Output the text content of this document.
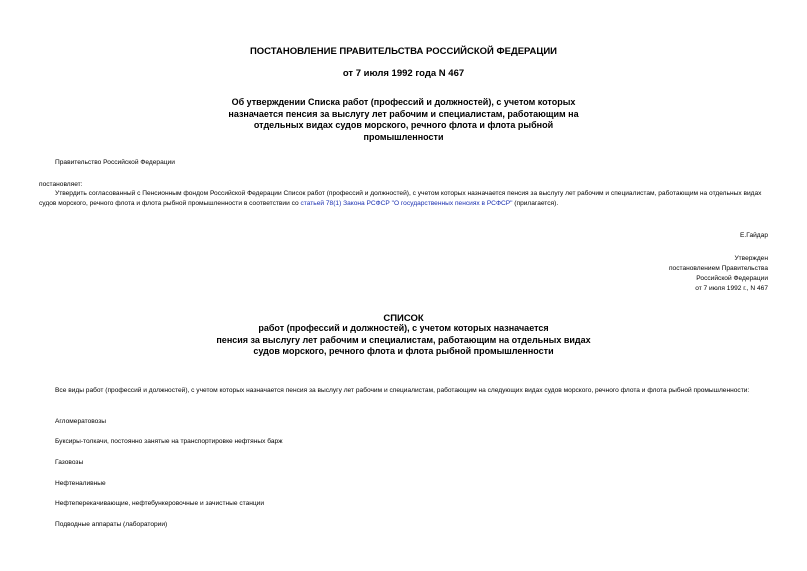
ПОСТАНОВЛЕНИЕ ПРАВИТЕЛЬСТВА РОССИЙСКОЙ ФЕДЕРАЦИИ
от 7 июля 1992 года N 467
Об утверждении Списка работ (профессий и должностей), с учетом которых
назначается пенсия за выслугу лет рабочим и специалистам, работающим на
отдельных видах судов морского, речного флота и флота рыбной
промышленности
Правительство Российской Федерации
постановляет:
Утвердить согласованный с Пенсионным фондом Российской Федерации Список работ (профессий и должностей), с учетом которых назначается пенсия за выслугу лет рабочим и специалистам, работающим на отдельных видах судов морского, речного флота и флота рыбной промышленности в соответствии со статьей 78(1) Закона РСФСР "О государственных пенсиях в РСФСР" (прилагается).
Е.Гайдар
Утвержден
постановлением Правительства
Российской Федерации
от 7 июля 1992 г., N 467
СПИСОК
работ (профессий и должностей), с учетом которых назначается
пенсия за выслугу лет рабочим и специалистам, работающим на отдельных видах
судов морского, речного флота и флота рыбной промышленности
Все виды работ (профессий и должностей), с учетом которых назначается пенсия за выслугу лет рабочим и специалистам, работающим на следующих видах судов морского, речного флота и флота рыбной промышленности:
Агломератовозы
Буксиры-толкачи, постоянно занятые на транспортировке нефтяных барж
Газовозы
Нефтеналивные
Нефтеперекачивающие, нефтебункеровочные и зачистные станции
Подводные аппараты (лаборатории)
